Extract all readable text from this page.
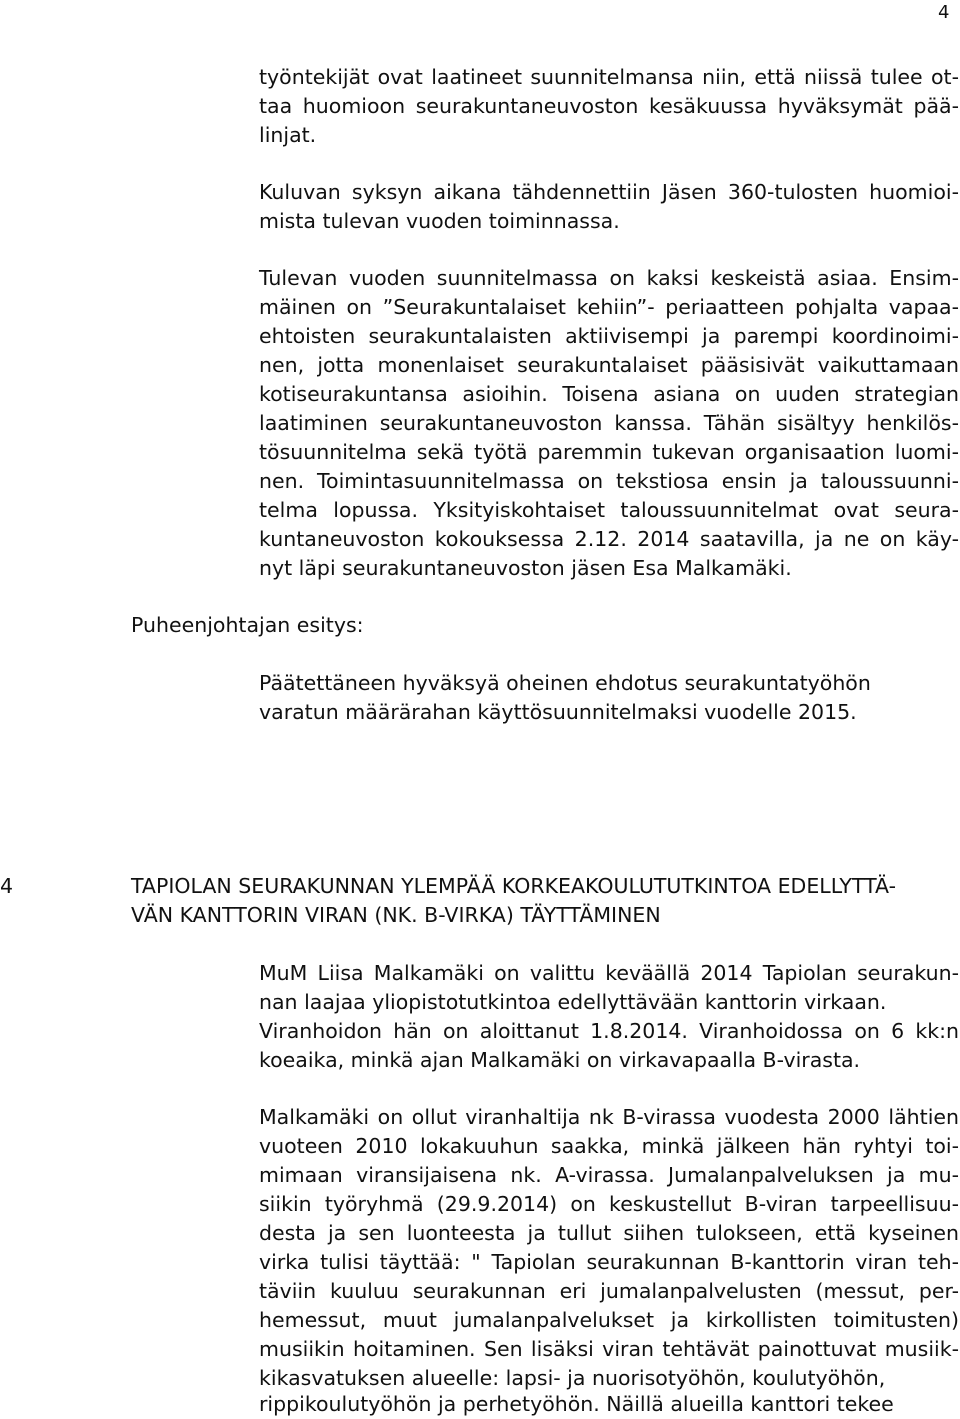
4
työntekijät ovat laatineet suunnitelmansa niin, että niissä tulee ot-
taa huomioon seurakuntaneuvoston kesäkuussa hyväksymät pää-
linjat.
Kuluvan syksyn aikana tähdennettiin Jäsen 360-tulosten huomioi-
mista tulevan vuoden toiminnassa.
Tulevan vuoden suunnitelmassa on kaksi keskeistä asiaa. Ensim-
mäinen on ”Seurakuntalaiset kehiin”- periaatteen pohjalta vapaa-
ehtoisten seurakuntalaisten aktiivisempi ja parempi koordinoimi-
nen, jotta monenlaiset seurakuntalaiset pääsisivät vaikuttamaan
kotiseurakuntansa asioihin. Toisena asiana on uuden strategian
laatiminen seurakuntaneuvoston kanssa. Tähän sisältyy henkilös-
tösuunnitelma sekä työtä paremmin tukevan organisaation luomi-
nen. Toimintasuunnitelmassa on tekstiosa ensin ja taloussuunni-
telma lopussa. Yksityiskohtaiset taloussuunnitelmat ovat seura-
kuntaneuvoston kokouksessa 2.12. 2014 saatavilla, ja ne on käy-
nyt läpi seurakuntaneuvoston jäsen Esa Malkamäki.
Puheenjohtajan esitys:
Päätettäneen hyväksyä oheinen ehdotus seurakuntatyöhön
varatun määrärahan käyttösuunnitelmaksi vuodelle 2015.
4	TAPIOLAN SEURAKUNNAN YLEMPÄÄ KORKEAKOULUTUTKINTOA EDELLYTTÄ-
VÄN KANTTORIN VIRAN (NK. B-VIRKA) TÄYTTÄMINEN
MuM Liisa Malkamäki on valittu keväällä 2014 Tapiolan seurakun-
nan laajaa yliopistotutkintoa edellyttävään kanttorin virkaan.
Viranhoidon hän on aloittanut 1.8.2014. Viranhoidossa on 6 kk:n
koeaika, minkä ajan Malkamäki on virkavapaalla B-virasta.
Malkamäki on ollut viranhaltija nk B-virassa vuodesta 2000 lähtien
vuoteen 2010 lokakuuhun saakka, minkä jälkeen hän ryhtyi toi-
mimaan viransijaisena nk. A-virassa. Jumalanpalveluksen ja mu-
siikin työryhmä (29.9.2014) on keskustellut B-viran tarpeellisuu-
desta ja sen luonteesta ja tullut siihen tulokseen, että kyseinen
virka tulisi täyttää: " Tapiolan seurakunnan B-kanttorin viran teh-
täviin kuuluu seurakunnan eri jumalanpalvelusten (messut, per-
hemessut, muut jumalanpalvelukset ja kirkollisten toimitusten)
musiikin hoitaminen. Sen lisäksi viran tehtävät painottuvat musiik-
kikasvatuksen alueelle: lapsi- ja nuorisotyöhön, koulutyöhön,
rippikoulutyöhön ja perhetyöhön. Näillä alueilla kanttori tekee
